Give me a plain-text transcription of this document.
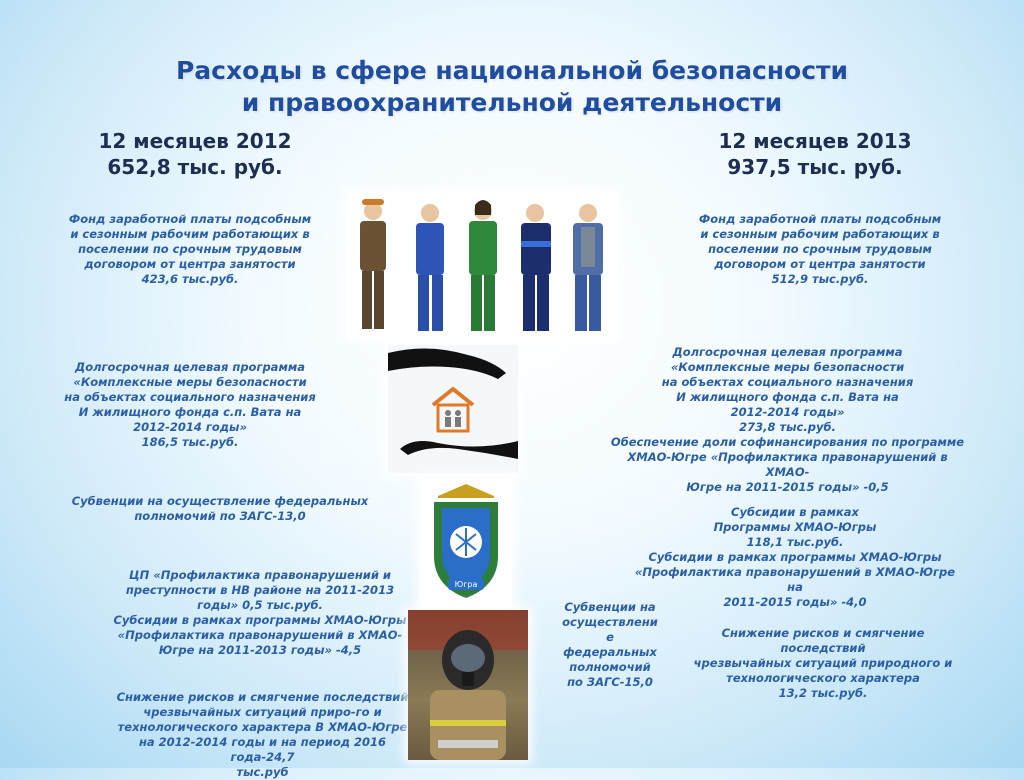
Расходы в сфере национальной безопасности
и правоохранительной деятельности
12 месяцев 2012
652,8 тыс. руб.
12 месяцев 2013
937,5 тыс. руб.
Фонд заработной платы подсобным
и сезонным рабочим работающих в
поселении по срочным трудовым
договором от центра занятости
423,6 тыс.руб.
Долгосрочная целевая программа
«Комплексные меры безопасности
на объектах социального назначения
И жилищного фонда с.п. Вата на
2012-2014 годы»
186,5 тыс.руб.
Субвенции на осуществление федеральных
полномочий по ЗАГС-13,0
ЦП «Профилактика правонарушений и
преступности в НВ районе на 2011-2013
годы» 0,5 тыс.руб.
Субсидии в рамках программы ХМАО-Югры
«Профилактика правонарушений в ХМАО-
Югре на 2011-2013 годы» -4,5
Снижение рисков и смягчение последствий
чрезвычайных ситуаций приро-го и
технологического характера В ХМАО-Югре
на 2012-2014 годы и на период 2016 года-24,7
тыс.руб
Фонд заработной платы подсобным
и сезонным рабочим работающих в
поселении по срочным трудовым
договором от центра занятости
512,9 тыс.руб.
Долгосрочная целевая программа
«Комплексные меры безопасности
на объектах социального назначения
И жилищного фонда с.п. Вата на
2012-2014 годы»
273,8 тыс.руб.
Обеспечение доли софинансирования по программе
ХМАО-Югре «Профилактика правонарушений в ХМАО-
Югре на 2011-2015 годы» -0,5
Субсидии в рамках
Программы ХМАО-Югры
118,1 тыс.руб.
Субсидии в рамках программы ХМАО-Югры
«Профилактика правонарушений в ХМАО-Югре на
2011-2015 годы» -4,0
Субвенции на
осуществлени
е
федеральных
полномочий
по ЗАГС-15,0
Снижение рисков и смягчение последствий
чрезвычайных ситуаций природного и
технологического характера
13,2 тыс.руб.
Югра
